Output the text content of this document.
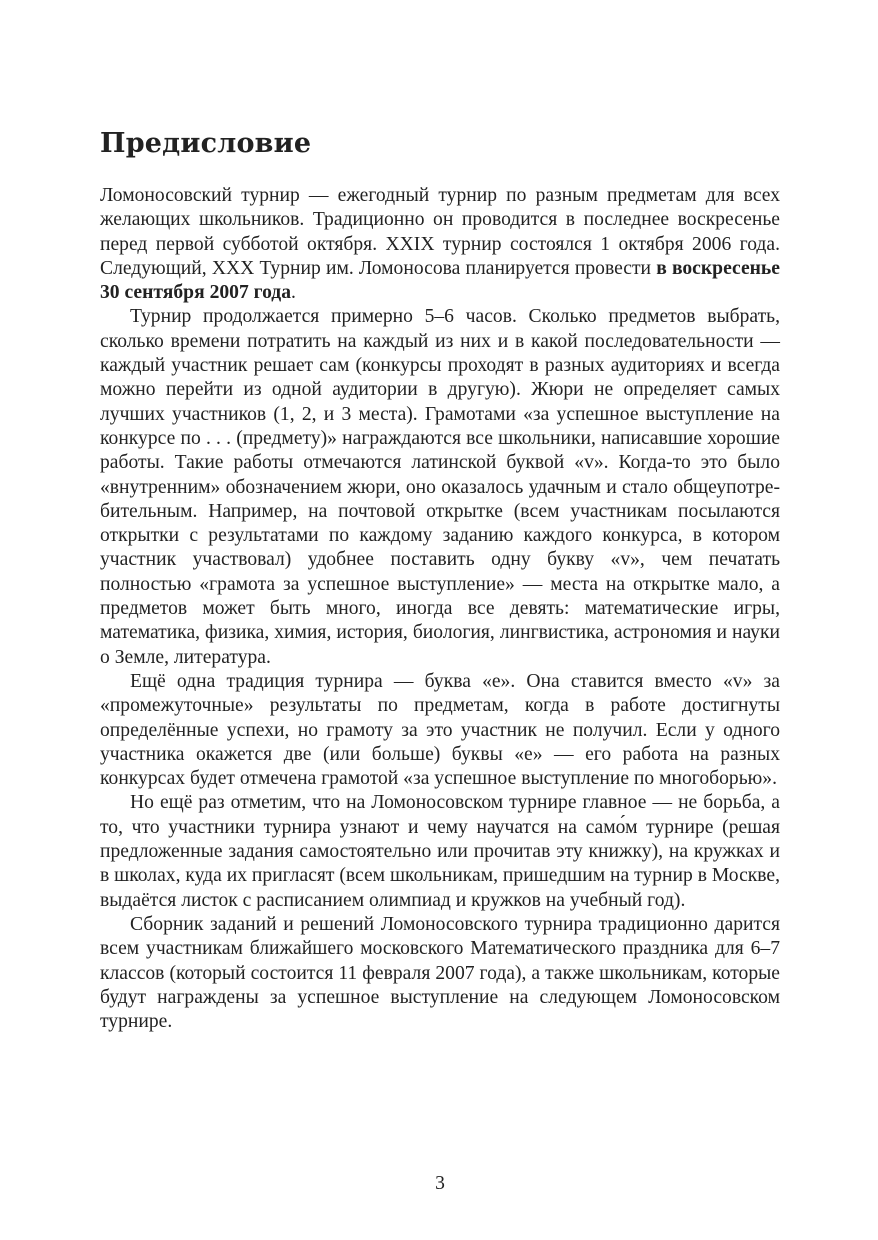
Предисловие

Ломоносовский турнир — ежегодный турнир по разным предметам для всех желающих школьников. Традиционно он проводится в последнее воскресенье перед первой субботой октября. XXIX турнир состоялся 1 октября 2006 года. Следующий, XXX Турнир им. Ломоносова планируется провести в воскресенье 30 сентября 2007 года.

Турнир продолжается примерно 5–6 часов. Сколько предметов выбрать, сколько времени потратить на каждый из них и в какой последовательности — каждый участник решает сам (конкурсы проходят в разных аудиториях и всегда можно перейти из одной аудитории в другую). Жюри не определяет самых лучших участников (1, 2, и 3 места). Грамотами «за успешное выступление на конкурсе по . . . (предмету)» награждаются все школьники, написавшие хорошие работы. Такие работы отмечаются латинской буквой «v». Когда-то это было «внутренним» обозначением жюри, оно оказалось удачным и стало общеупотребительным. Например, на почтовой открытке (всем участникам посылаются открытки с результатами по каждому заданию каждого конкурса, в котором участник участвовал) удобнее поставить одну букву «v», чем печатать полностью «грамота за успешное выступление» — места на открытке мало, а предметов может быть много, иногда все девять: математические игры, математика, физика, химия, история, биология, лингвистика, астрономия и науки о Земле, литература.

Ещё одна традиция турнира — буква «е». Она ставится вместо «v» за «промежуточные» результаты по предметам, когда в работе достигнуты определённые успехи, но грамоту за это участник не получил. Если у одного участника окажется две (или больше) буквы «е» — его работа на разных конкурсах будет отмечена грамотой «за успешное выступление по многоборью».

Но ещё раз отметим, что на Ломоносовском турнире главное — не борьба, а то, что участники турнира узнают и чему научатся на само́м турнире (решая предложенные задания самостоятельно или прочитав эту книжку), на кружках и в школах, куда их пригласят (всем школьникам, пришедшим на турнир в Москве, выдаётся листок с расписанием олимпиад и кружков на учебный год).

Сборник заданий и решений Ломоносовского турнира традиционно дарится всем участникам ближайшего московского Математического праздника для 6–7 классов (который состоится 11 февраля 2007 года), а также школьникам, которые будут награждены за успешное выступление на следующем Ломоносовском турнире.

3
